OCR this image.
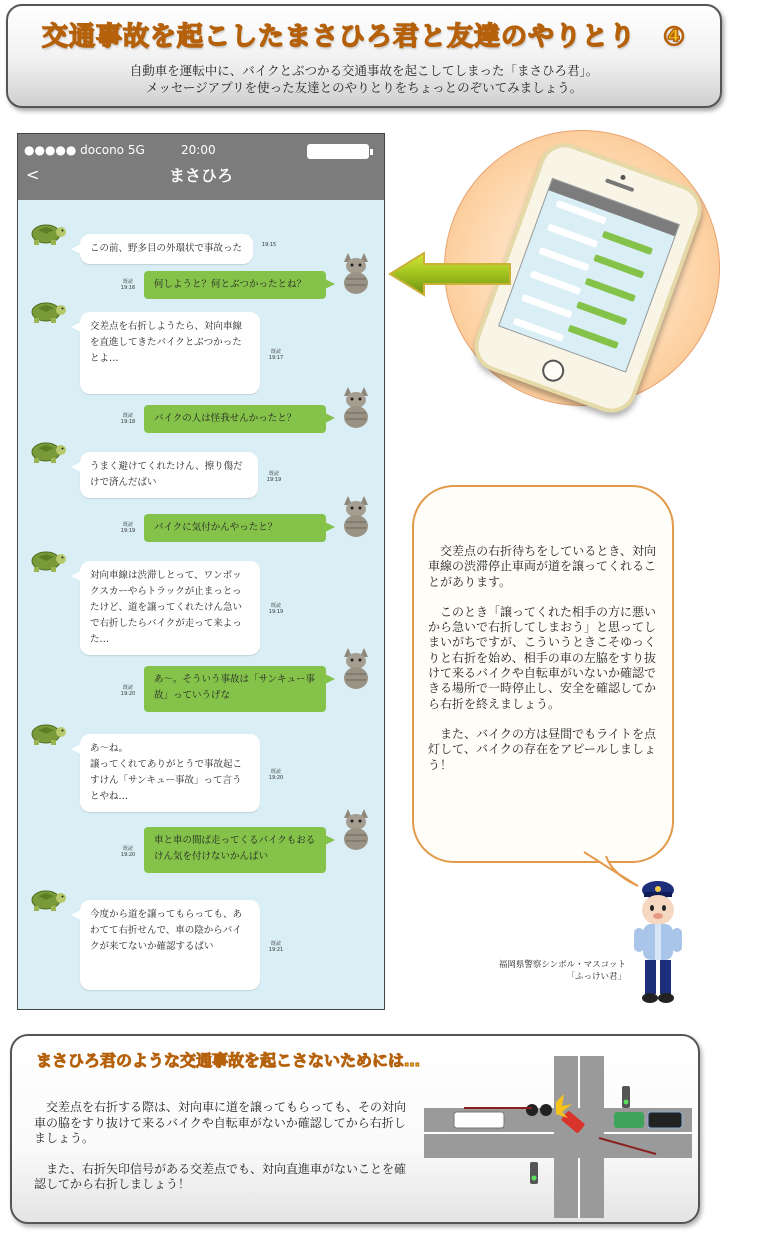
交通事故を起こしたまさひろ君と友達のやりとり　④
自動車を運転中に、バイクとぶつかる交通事故を起こしてしまった「まさひろ君」。
メッセージアプリを使った友達とのやりとりをちょっとのぞいてみましょう。
●●●●● docono 5G	20:00
<	まさひろ
この前、野多目の外環状で事故った	19:15
何しようと？何とぶつかったとね？
既読
19:16
交差点を右折しようたら、対向車線を直進してきたバイクとぶつかったとよ…
既読
19:17
バイクの人は怪我せんかったと？
既読
19:18
うまく避けてくれたけん、擦り傷だけで済んだばい
既読
19:19
バイクに気付かんやったと？
既読
19:19
対向車線は渋滞しとって、ワンボックスカーやらトラックが止まっとったけど、道を譲ってくれたけん急いで右折したらバイクが走って来よった…
既読
19:19
あ～。そういう事故は「サンキュー事故」っていうげな
既読
19:20
あ～ね。
譲ってくれてありがとうで事故起こすけん「サンキュー事故」って言うとやね…
既読
19:20
車と車の間ば走ってくるバイクもおるけん気を付けないかんばい
既読
19:20
今度から道を譲ってもらっても、あわてて右折せんで、車の陰からバイクが来てないか確認するばい	既読
19:21

交差点の右折待ちをしているとき、対向車線の渋滞停止車両が道を譲ってくれることがあります。

このとき「譲ってくれた相手の方に悪いから急いで右折してしまおう」と思ってしまいがちですが、こういうときこそゆっくりと右折を始め、相手の車の左脇をすり抜けて来るバイクや自転車がいないか確認できる場所で一時停止し、安全を確認してから右折を終えましょう。

また、バイクの方は昼間でもライトを点灯して、バイクの存在をアピールしましょう！

福岡県警察シンボル・マスコット
「ふっけい君」
まさひろ君のような交通事故を起こさないためには…

交差点を右折する際は、対向車に道を譲ってもらっても、その対向車の脇をすり抜けて来るバイクや自転車がないか確認してから右折しましょう。

また、右折矢印信号がある交差点でも、対向直進車がないことを確認してから右折しましょう！
